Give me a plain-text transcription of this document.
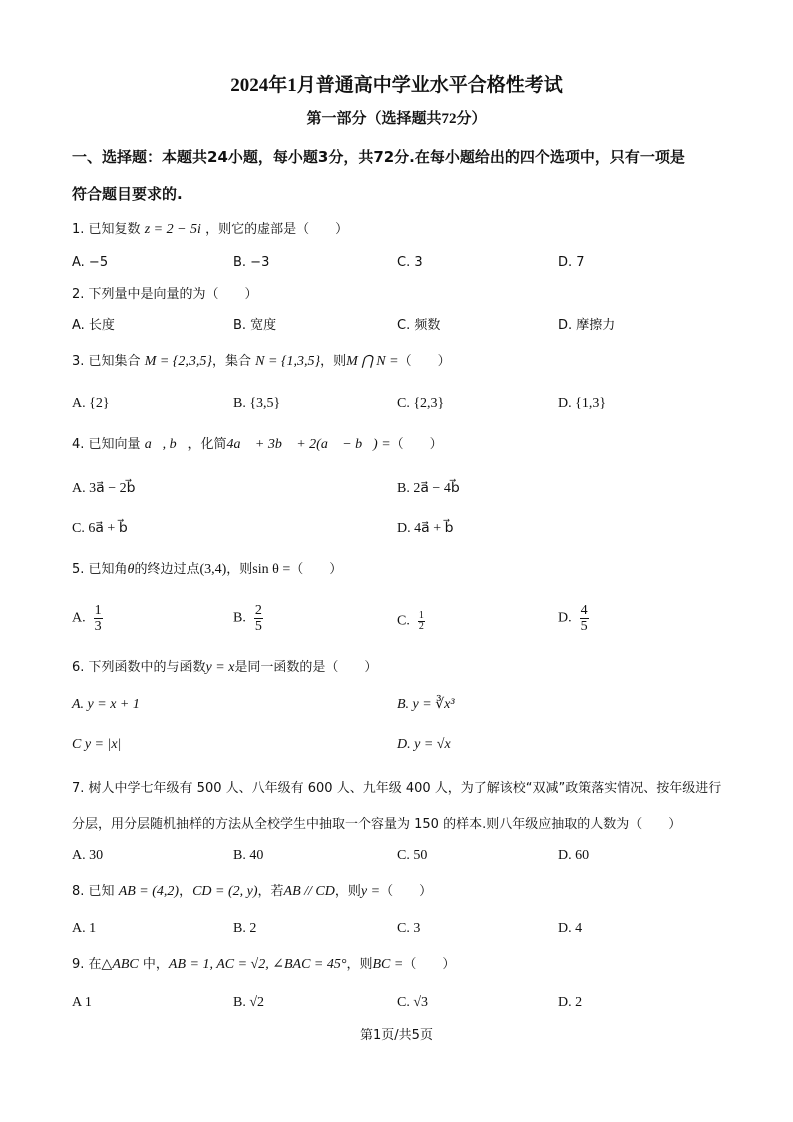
2024年1月普通高中学业水平合格性考试
第一部分（选择题共72分）
一、选择题：本题共24小题，每小题3分，共72分.在每小题给出的四个选项中，只有一项是
符合题目要求的.
1. 已知复数 z = 2 − 5i ，则它的虚部是（　　）
A. −5	B. −3	C. 3	D. 7
2. 下列量中是向量的为（　　）
A. 长度	B. 宽度	C. 频数	D. 摩擦力
3. 已知集合 M = {2,3,5}，集合 N = {1,3,5}，则M ⋂ N =（　　）
A. {2}	B. {3,5}	C. {2,3}	D. {1,3}
4. 已知向量 a⃗, b⃗，化简4a⃗ + 3b⃗ + 2(a⃗ − b⃗) =（　　）
A. 3a⃗ − 2b⃗	B. 2a⃗ − 4b⃗
C. 6a⃗ + b⃗	D. 4a⃗ + b⃗
5. 已知角θ的终边过点(3,4)，则sin θ =（　　）
A. $\frac{1}{3}$	B. $\frac{2}{5}$	C. $\frac{1}{2}$	D. $\frac{4}{5}$
6. 下列函数中的与函数y = x是同一函数的是（　　）
A. y = x + 1	B. y = ∛x³
C y = |x|	D. y = √x
7. 树人中学七年级有 500 人、八年级有 600 人、九年级 400 人，为了解该校“双减”政策落实情况、按年级进行
分层，用分层随机抽样的方法从全校学生中抽取一个容量为 150 的样本.则八年级应抽取的人数为（　　）
A. 30	B. 40	C. 50	D. 60
8. 已知 AB = (4,2)，CD = (2, y)，若AB // CD，则y =（　　）
A. 1	B. 2	C. 3	D. 4
9. 在△ABC 中，AB = 1, AC = √2, ∠BAC = 45°，则BC =（　　）
A 1	B. √2	C. √3	D. 2
第1页/共5页
